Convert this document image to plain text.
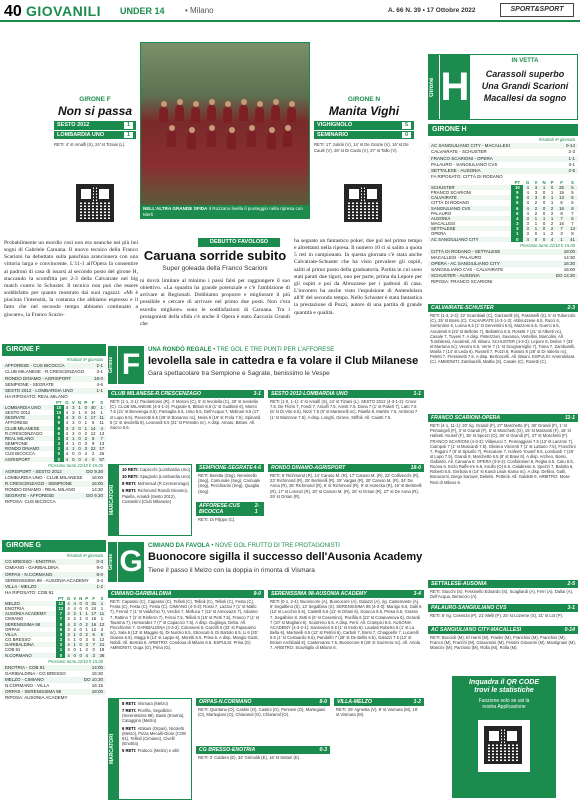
40 GIOVANILI UNDER 14	• Milano	A. 66 N. 39 • 17 Ottobre 2022	SPORT&SPORT
GIRONE F
Non si passa
SESTO 2012	1
LOMBARDIA UNO	1
RETI: 4' st Amalfi (S), 24' st Tiziani (L).
GIRONE N
Manita Vighi
VIGHIGNOLO	5
SEMINARIO	0
RETI: 17' Juticki (V), 14' st De Grazie (V), 16' st De Caulé (V), 28' st Di Caolo (V), 37' st Tallo (V).
NELL'ALTRA GRANDE SFIDA Il Rozzano livella il punteggio nella ripresa con Merli
Girone H
IN VETTA
Carassoli superbo
Una Grandi Scarioni
Macallesi da sogno
GIRONE H
Risultati 4ª giornata
AC SANGIULIANO CITY - MACALLESI	0-14
CALVAIRATE - SCHUSTER	2-3
FRANCO SCARIONI - OPERA	1-1
PALAURO - SANGIULIANO CVS	3-1
SETTALESE - AUSONIA	2-5
FA RIPOSATO: CITTÀ DI RODANO
	PT	G	V	N	P	F	S
SCHUSTER	10	4	3	1	0	25	5
FRANCO SCARIONI	9	4	3	0	1	19	5
CALVAIRATE	9	4	3	0	1	13	6
CITTÀ DI RODANO	6	3	2	0	1	6	5
SANGIULIANO CVS	6	4	2	0	2	16	8
PALAURO	6	4	2	0	2	8	7
AUSONIA	4	3	1	1	1	7	6
MACALLESI	3	3	1	0	2	16	7
SETTALESE	3	3	1	0	2	7	13
OPERA	1	3	0	1	2	3	8
AC SANGIULIANO CITY	0	4	0	0	4	1	41
Prossimo turno 22/10 h 15.00
CITTÀ DI RODANO - SETTALESE	18:00
MACALLESI - PALAURO	14:30
OPERA - AC SANGIULIANO CITY	16:30
SANGIULIANO CVS - CALVAIRATE	15:00
SCHUSTER - AUSONIA	DO 14:30
RIPOSA: FRANCO SCARIONI
DEBUTTO FAVOLOSO
Probabilmente un esordio così non era neanche nei più bei sogni di Gabriele Caruana. Il nuovo tecnico della Franco Scarioni ha debuttato sulla panchina arancionera con una vittoria larga e convincente. L'11-1 all'Opera fa consentire ai padroni di casa di issarsi al secondo posto del girone H, staccando la scomfitta per 2-3 della Calvairate nel big match contro lo Schuster. Il tecnico non può che essere soddisfatto per quanto mostrato dai suoi ragazzi: «Mi è piaciuta l'intensità, la costanza che abbiamo espresso e il fatto che nel secondo tempo abbiamo continuato a giocare», la Franco Scario-
Caruana sorride subito
Super goleada della Franco Scarioni
ni dovrà limitare al minimo i passi falsi per raggiungere il suo obiettivo. «La squadra ha grande potenziale e c'è l'ambizione di arrivare ai Regionali. Dobbiamo proporre e migliorare il più possibile e cercare di arrivare nel primo due posti. Non c'era esordio migliore» sono le soddisfazioni di Caruana. Tra i protagonisti della sfida c'è anche il Opera è stato Zaccaria Grandi che
ha segnato un fantastico poker, due gol nel primo tempo e altrettanti nella ripresa. Il numero 10 ci si salito a quota 5 reti in campionato. In questa giornata c'è stata anche Calvairate-Schuster che ha visto prevalere gli ospiti, saliti al primo posto della graduatoria. Partita in cui sono stati parati due rigori, uno per parte, prima da Lepore per gli ospiti e poi da Abruzzese per i padroni di casa. L'incontro ha anche visto l'espulsione di Amendolara all'8' del secondo tempo. Nello Schuster è stata fantastica la prestazione di Pozzi, autore di una partita di grande quantità e qualità.
GIRONE F
Risultati 4ª giornata
AFFORESE - CUS BICOCCA	2-1
CLUB MILANESE - R.CRESCENZAGO	3-1
RONDO DINAMO - AGRISPORT	18-0
SEMPIONE - SEGRATE	4-6
SESTO 2012 - LOMBARDIA UNO	1-1
HA RIPOSATO: REAL MILANO
	PT	G	V	N	P	F	S
LOMBARDIA UNO	10	4	3	1	0	40	1
SESTO 2012	10	4	3	1	0	24	1
SEGRATE	9	4	3	0	1	17	11
AFFORESE	9	4	3	0	1	6	11
CLUB MILANESE	6	3	2	0	1	14	4
R.CRESCENZAGO	6	4	2	0	2	12	13
REAL MILANO	3	3	1	0	2	6	7
SEMPIONE	3	4	1	0	3	9	13
RONDO DINAMO	3	4	1	0	3	22	17
CUS BICOCCA	0	4	0	0	4	2	26
AGRISPORT	0	4	0	0	4	0	57
Prossimo turno 22/10 h 15.00
AGRISPORT - SESTO 2012	DO 9.30
LOMBARDIA UNO - CLUB MILANESE 16:00
R.CRESCENZAGO - SEMPIONE	16:00
RONDO DINAMO - REAL MILANO	14:30
SEGRATE - AFFORESE	DO 9.30
RIPOSA: CUS BICOCCA
Girone F	UNA RONDÒ REGALE • TRE GOL E TRE PUNTI PER L'AFFORESE
Ievolella sale in cattedra e fa volare il Club Milanese
Gara spettacolare tra Sempione e Sagrate, benissimo le Vespe
CLUB MILANESE-R.CRESCENZAGO	3-1
RETI (1-1, 3-1): Paolantonio (R), 4' Moroni (C), 5' st Ievolella (C), 20' st Ievolella (C). CLUB MILANESE (4-3-1-2): Pugnale 6, Bittoni 6.5 (1' st Gualtieri 6), Morini 7.5 (21' st Benvenga 6.5), Pantaglia 6.5, Urso 6.5, Dell'Acqua 7, Molinari 6.5 (17' st Lupo 6.5), Pacerotti 6.5 (28' st Bonanno nc), Neira 6 (19' st Frola 7.5), Spinardi 8 (1' st Ievolella 8), Leonardi 6.5 (31' st Presotto nc). A disp. Amato, Bittoni. All. Sacco 6.5.
SESTO 2012-LOMBARDIA UNO	1-1
RETI (1-0, 1-1): 4' st Amalfi (S), 24' st Tiziani (L). SESTO 2012 (4-3-1-2): Croce 7.5, De Florio 7, Fondi 7, Amalfi 7.5, Aresti 7.5, Dona 7 (1' st Palieri 7), Lato 7.5 (6' st Di Vito 6.5), Nizzi 7.5 (8' st Martenelli nc), Paiella 8, Martire 7.5, Ambrosi 7 (1' st Mazzone 7.5). A disp. Longhi, Girone, Stiffoli. All. Caiotti 7.5.
MARCATORI
10 RETI: Capecchi (Lombardia Uno)
10 RETI: Spagnolo (Lombardia Uno)
8 RETI: Mohmoud (R.Crescenzago)
6 RETI: Richmond Rondò Dinamo), Paiella, Amaldi (Sesto 2012), Costantini (Club Milanese)
SEMPIONE-SEGRATE 4-6
RETI: Beretta (Seg), Nenninello (Seg), Comunale (Seg), Carnuale (Seg), Pecchiarini (Seg), Quaglia (Seg).
AFFORESE-CUS BICOCCA
2-1
RETI: Di Filippo (C).
RONDO DINAMO-AGRISPORT	18-0
RETI: 6' Richmond (R), 14' Caruso M. (R), 17' Caruso M. (R), 22' Collivecchi (R), 23' Richmond (R), 25' Bertinelli (R), 29' Vargas (R), 30' Caruso M. (R), 34' De Anna (R), 35' Richmond (R), 6' st Richmond (R), 9' st Horecka (R), 15' st Bertinelli (R), 17' st Lorenzi (R), 20' st Caruso M. (R), 26' st Orsan (R), 27' st De Anna (R), 29' st Orsan (R).
GIRONE G
Risultati 4ª giornata
CG BRESSO - ENOTRIA	0-3
CIMIANO - GARIBALDINA	9-0
ORPAS - N.CORMANO	8-0
SERENISSIMA 98 - AUSONIA ACADEMY 3-4
VILLA - MELZO	1-2
HA RIPOSATO: COB 91
	PT	G	V	N	P	F	S
MELZO	12	4	4	0	0	31	1
ENOTRIA	12	4	4	0	0	24	1
AUSONIA ACADEMY	7	4	2	1	1	17	11
CIMIANO	7	3	2	1	0	15	1
SERENISSIMA 98	6	4	2	0	2	16	12
ORPAS	6	3	2	0	1	12	3
VILLA	3	3	1	0	2	6	6
CG BRESSO	3	4	1	0	3	5	12
GARIBALDINA	3	4	1	0	3	7	21
COB 91	1	3	0	1	2	0	18
N.CORMANO	0	4	0	0	4	3	36
Prossimo turno 22/10 h 15.00
ENOTRIA - COB 91	14:00
GARIBALDINA - CG BRESSO	15:30
MELZO - CIMIANO	DO 10.30
N.CORMANO - VILLA	16:15
ORPAS - SERENISSIMA 98	18:00
RIPOSA: AUSONIA ACADEMY
Girone G CIMIANO DA FAVOLA • NOVE GOL FRUTTO DI TRE PROTAGONISTI
Buonocore sigilla il successo dell'Ausonia Academy
Tiene il passo il Melzo con la doppia in rimonta di Vismara
CIMIANO-GARIBALDINA	9-0
RETI: Capasso (C), Capasso (C), Tellioli (C), Tellioli (C), Tellioli (C), Festa (C), Festa (C), Festa (C), Festa (C). CIMIANO (4-3-3): Rossi 7, Lazzai 7 (1' st Mallo 7), Ferrod 7 (1' st Valdichio 7), Verdini 7, Molluca 7 (12' st Annovazzi 7), Adanno 7, Rattino 7 (1' st Rinferro 7), Ferrai 7.5, Tellioli 8 (15' st Petti 7.5), Franco 7 (1' st Tavarna 7), Hernandez 7 (7' st Capaccio 7.5). A disp. Gugliega, Deba. All. Flecchiorini 7. GARIBALDINA (4-3-3): Colonnesi 6, Cazzilli 6 (32' st Pajoauerio nc), Sala 6 (13' st Maggini 6), Di Nunzio 6.5, Stroncati 6, Di Bartolo 6.5, Li 6 (25' Giaena 6.5), Maggi 6 (14' st Lappo 6), Moretti 6.5, Prina 6. A disp. Mangio Gusti, Nobili. All. Bertola 6. ARBITRO: Condoua di Milano 6.5. ESPULSI: Prina (G). AMMONITI: Guga (G), Prina (G).
SERENISSIMA 98-AUSONIA ACADEMY	3-4
RETI (0-1, 2-4): Buonocore (A), Buonocore (A), Galazzi (A), rig. Castemanto (A), 8' Segalbino (S), 13' Segalbino (S). SERENISSIMA 98 (4-3-3): Manigo 6.5, Galli 6 (12' st Lecchio 6.5), Castelli 6.5 (12' st Orlani 6), Sciacca 6.5, Presa 6.5, Grasso 7, Segalbino 8, Zetti 6 (6' st Cosentino), Pacifila 6 (22' st Cotanamova 6), Gerardi 7 (10' st Magliani 6), Sciarreno 6.5. A disp. Ferri. All. Crampici 6.5. AUSONIA ACADEMY (4-3-2-1): Sansovieri 6.5 (1' st Iredo 6), Laudati Roberto 6 (1' st La Bella 6), Martinelli 6.5 (12' st Petrini 6), Carboli 7, Borsi 7, Chiappello 7, Lucarelli 6.5 (1' st Custuardo 6.5), Pandolfo 7 (28' st De Bellis 6.5), Galazzi 7.5 (12' st Brown Archibald 6), Castemanto 7.5, Buonocore 8 (25' st Guerrera nc). All. Ariola 7. ARBITRO: Scavitiglio di Milano 6.
MARCATORI
8 RETI: Vismara (Melzo)
7 RETI: Pioriña, Segalbino (Serenissima 98), Bassi (Enotria), Cataggino (Melzo)
6 RETI: Attisani (Orpas), Nicoletti (Melzo), Pizza Mecalli-Giore (COB 91), Tellioli (Cimiano), Civelli (Enotria)
5 RETI: Fratucci (Melzo) e altri
ORPAS-N.CORMANO	8-0
RETI: Quintana (O), Castini (O), Castini (O), Pennesi (O), Martegiani (O), Martegiani (O), Chiaranol (O), Chiaranol (O).
CG BRESSO-ENOTRIA	0-3
RETI: 2' Caldera (E), 32' Grimoldi (E), 16' st Settari (E).
VILLA-MELZO	1-2
RETI: 25' Agnesta (V), 8' st Vismara (M), 19' st Vismara (M).
CALVAIRATE-SCHUSTER	2-3
RETI (1-3, 2-3): 22' Scambiati (C), Garzarelli (S), Passinelli (S), 5' st Tubercolo (C), 25' st Bossi (C). CALVAIRATE (4-3-1-2): Abbruzzese 6.5, Rucci 6, Sorrentino 6, Lunna 6.5 (1' st Serventini 6.5), Mazzoni 6.5, Guerci 6.5, Ancalenti 6 (22' st Bellotto 7), Bellatrino 6.5, Rosetti 7 (21' st Alberti nc), Casale 7, Tuvesi 7. A disp. Pisterzzari, Savanoa, Vertellini, Marcolini. All. Tumbilessi, Ancalenti. All. Bisani. SCHUSTER (4-3-3): Lepore 8, Deiloe 7 (33' st Martuna nc), Vecero 6.5, Verre 7 (1' st Scognamiglio 7), Toma 7, Zambarelli, Marila 7 (14' st Leda 6), Russell 7, Pozzi 8, Russini 8 (28' st Di Valerio nc), Peletti 7. Fressinetti 7.5. A disp. Bertoncelli. All. Bisani. ESPULSI: Amendolara (C). AMMONITI: Zambarelli, Mattia (S), Casale (C), Rosetti (C).
FRANCO SCARIONI-OPERA	11-1
RETI (4-1, 11-1): 20' rig. Grandi (F), 27' Marchetto (F), 30' Grandi (F), 1' st Pentangeli (F), 3' st Grandi (F), 5' st Moschetti (O), 15' st Marzanti (F), 16' st Hafeeb Yousef (F), 35' st Spezzi (O), 38' st Grandi (F), 37' st Moschetti (F). FRANCO SCARIONI (4-3-3): Villanucci 7, Pennaggiani 7.5 (12' st Lanzoni 7), Ciampoli 7 (1' st Muscardi 7.5), Oliviera Vincenti 7 (1' st Luttario 7.5), Franchini 7, Pagani 7 (9' st Spiurilo 7), Pescatore 7, Hafeeb Yousef 8.5, Lombardi 7 (25' st Lupo 7.5), Grandi 9, Marchetto 6.5 (8' st Bravi 8). A disp. Archeo, Bossi, Gallardo. All. Caruana 8. OPERA (3-5-2): Confalonieri 6, Reglia 6.5, Caru 6.5, Ruona 6, Enzo Raffe-Ire 6.5, Inrullo (O) 6.5, Calabrese 6, Spezzi 7, Balotta 6, Roberti 6.5, Gerbola 6 (14' st Kandi Lisuk Kama nc). A disp. Dellino, Galli, Bonacorni, Diego Samuel, Delielsi, Pettiroli. All. Galdetti 6. ARBITRO: Mose Rosi di Milano 6.
SETTALESE-AUSONIA	2-5
RETI: Stucchi (S), Fessinello Edoardo (S), Scagliardi (A), Ferri (A), Dallai (A), Dell'Acqua, Bertuccio (A).
PALAURO-SANGIULIANO CVS	3-1
RETI: 6' rig. Cosenza (P), 21' Melli (P), 25' st Lozerne (S), 31' st Lot (P).
AC SANGIULIANO CITY-MACALLESI	0-14
RETI: Boccioli (M), El Hariri (M), Fowler (M), Franchini (M), Franchini (M), Franco (M), Franchi (M), Giovannini (M), Fessini Giovanni (M), Mantignani (M), Mancini (M), Parzioso (M), Rolla (M), Rolla (M).
Inquadra il QR CODE
trovi le statistiche
Funzione solo se usi la
nostra Applicazione
